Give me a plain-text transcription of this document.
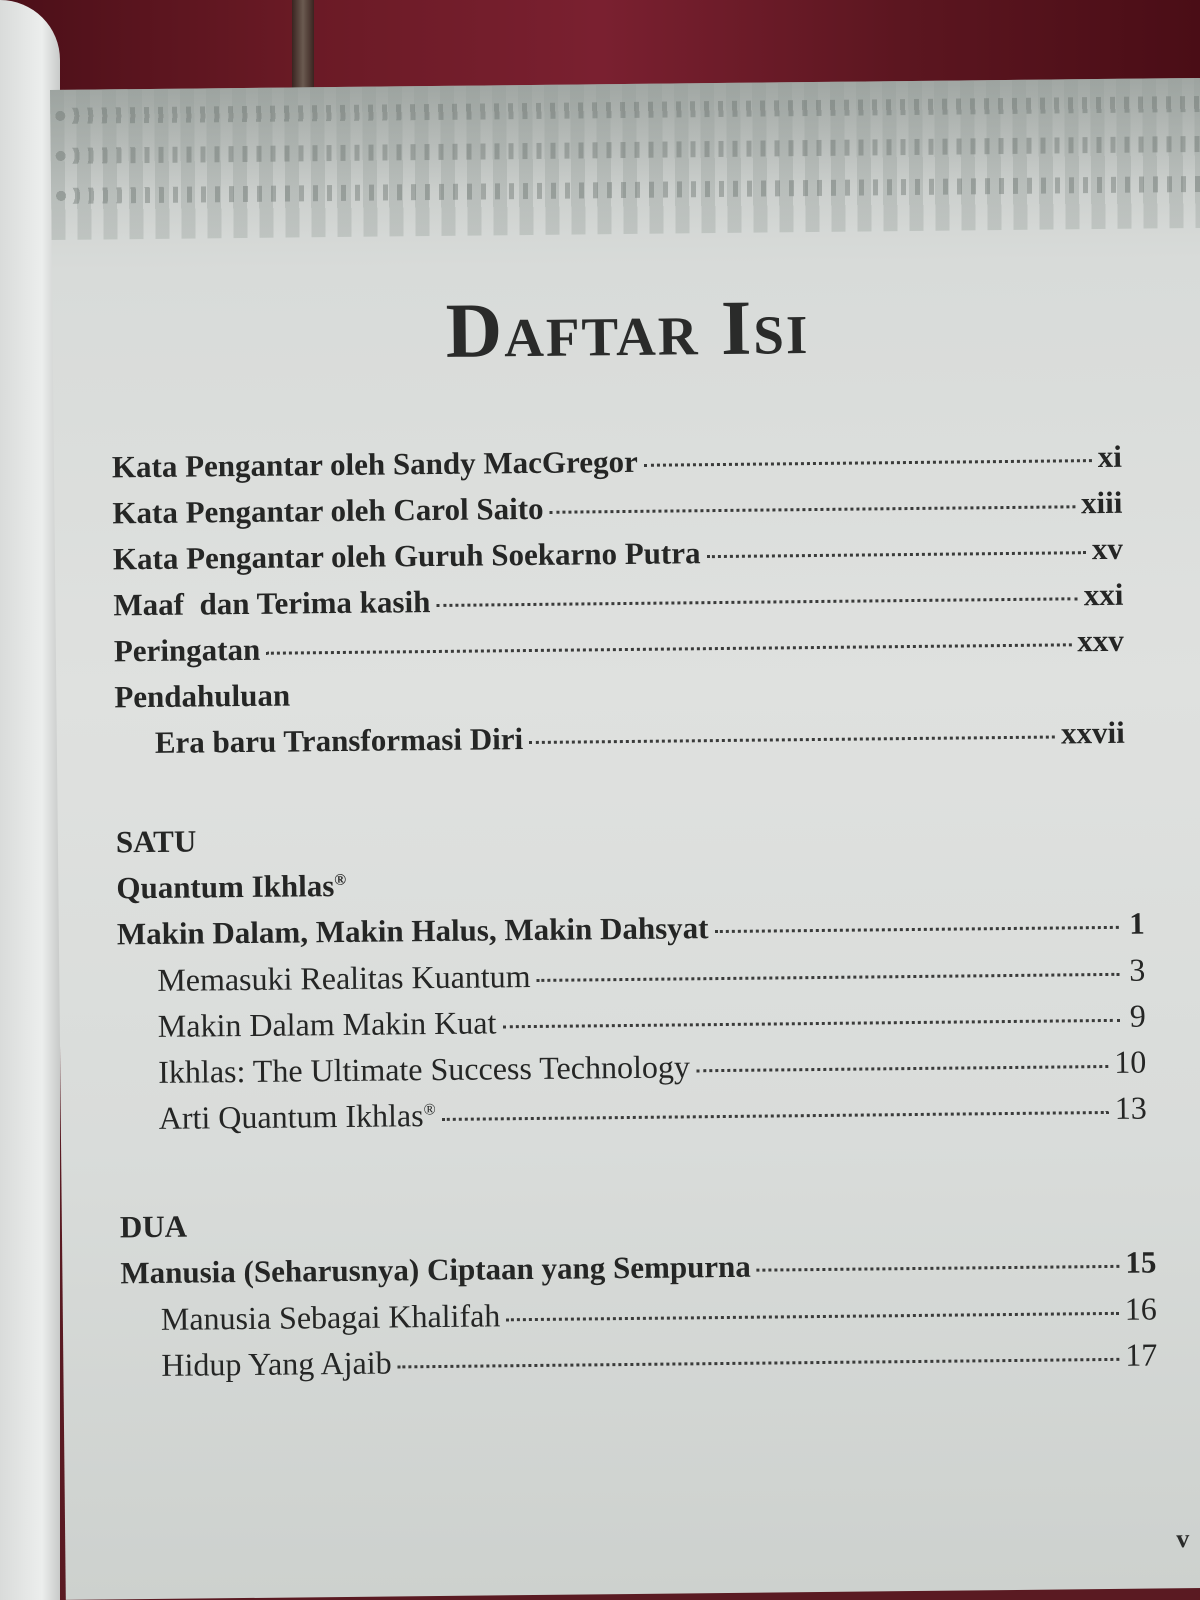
Daftar Isi
Kata Pengantar oleh Sandy MacGregor	xi
Kata Pengantar oleh Carol Saito	xiii
Kata Pengantar oleh Guruh Soekarno Putra	xv
Maaf  dan Terima kasih	xxi
Peringatan	xxv
Pendahuluan
Era baru Transformasi Diri	xxvii
SATU
Quantum Ikhlas®
Makin Dalam, Makin Halus, Makin Dahsyat	1
Memasuki Realitas Kuantum	3
Makin Dalam Makin Kuat	9
Ikhlas: The Ultimate Success Technology	10
Arti Quantum Ikhlas®	13
DUA
Manusia (Seharusnya) Ciptaan yang Sempurna	15
Manusia Sebagai Khalifah	16
Hidup Yang Ajaib	17
v
